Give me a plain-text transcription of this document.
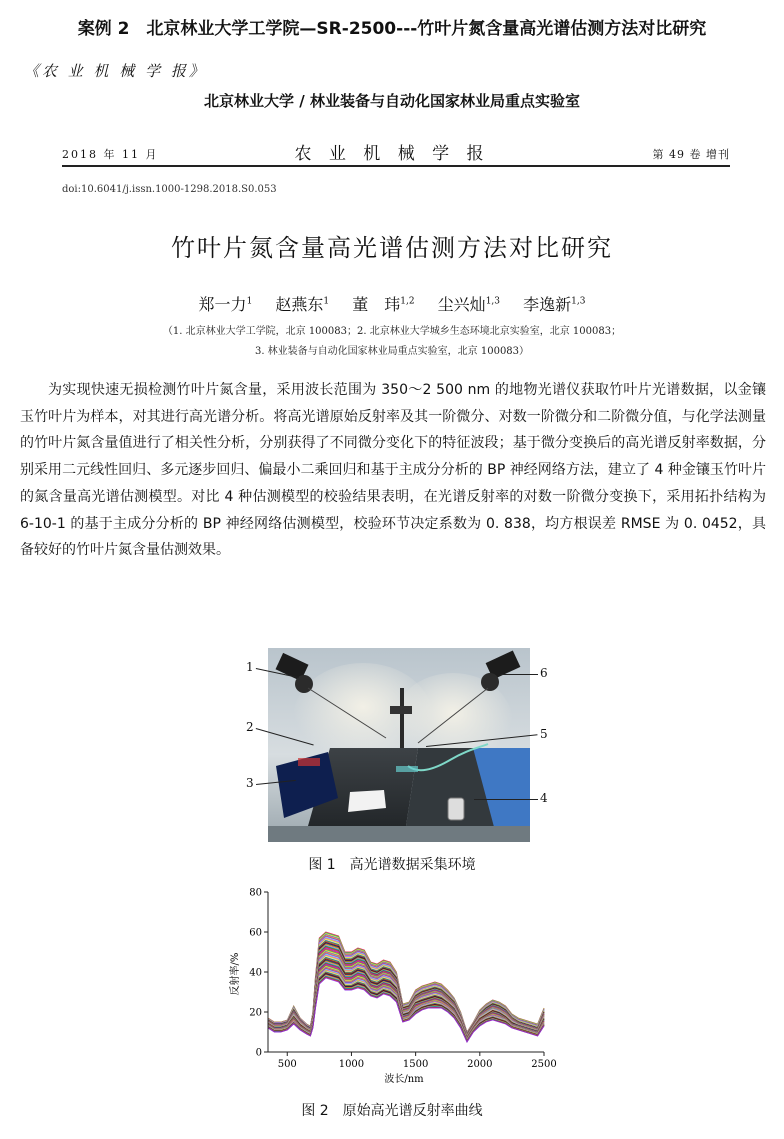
案例 2　北京林业大学工学院—SR-2500---竹叶片氮含量高光谱估测方法对比研究
《农 业 机 械 学 报》
北京林业大学 / 林业装备与自动化国家林业局重点实验室
2018 年 11 月	农 业 机 械 学 报	第 49 卷 增刊
doi:10.6041/j.issn.1000-1298.2018.S0.053
竹叶片氮含量高光谱估测方法对比研究
郑一力$^1$ 赵燕东$^1$ 董　玮$^{1,2}$ 尘兴灿$^{1,3}$ 李逸新$^{1,3}$
（1. 北京林业大学工学院，北京 100083；2. 北京林业大学城乡生态环境北京实验室，北京 100083；
3. 林业装备与自动化国家林业局重点实验室，北京 100083）

为实现快速无损检测竹叶片氮含量，采用波长范围为 350～2 500 nm 的地物光谱仪获取竹叶片光谱数据，以金镶玉竹叶片为样本，对其进行高光谱分析。将高光谱原始反射率及其一阶微分、对数一阶微分和二阶微分值，与化学法测量的竹叶片氮含量值进行了相关性分析，分别获得了不同微分变化下的特征波段；基于微分变换后的高光谱反射率数据，分别采用二元线性回归、多元逐步回归、偏最小二乘回归和基于主成分分析的 BP 神经网络方法，建立了 4 种金镶玉竹叶片的氮含量高光谱估测模型。对比 4 种估测模型的校验结果表明，在光谱反射率的对数一阶微分变换下，采用拓扑结构为 6-10-1 的基于主成分分析的 BP 神经网络估测模型，校验环节决定系数为 0. 838，均方根误差 RMSE 为 0. 0452，具备较好的竹叶片氮含量估测效果。

1
2
3
4
5
6
图 1　高光谱数据采集环境
500	1000	1500	2000	2500
0
20
40
60
80
反射率/%
波长/nm
图 2　原始高光谱反射率曲线
